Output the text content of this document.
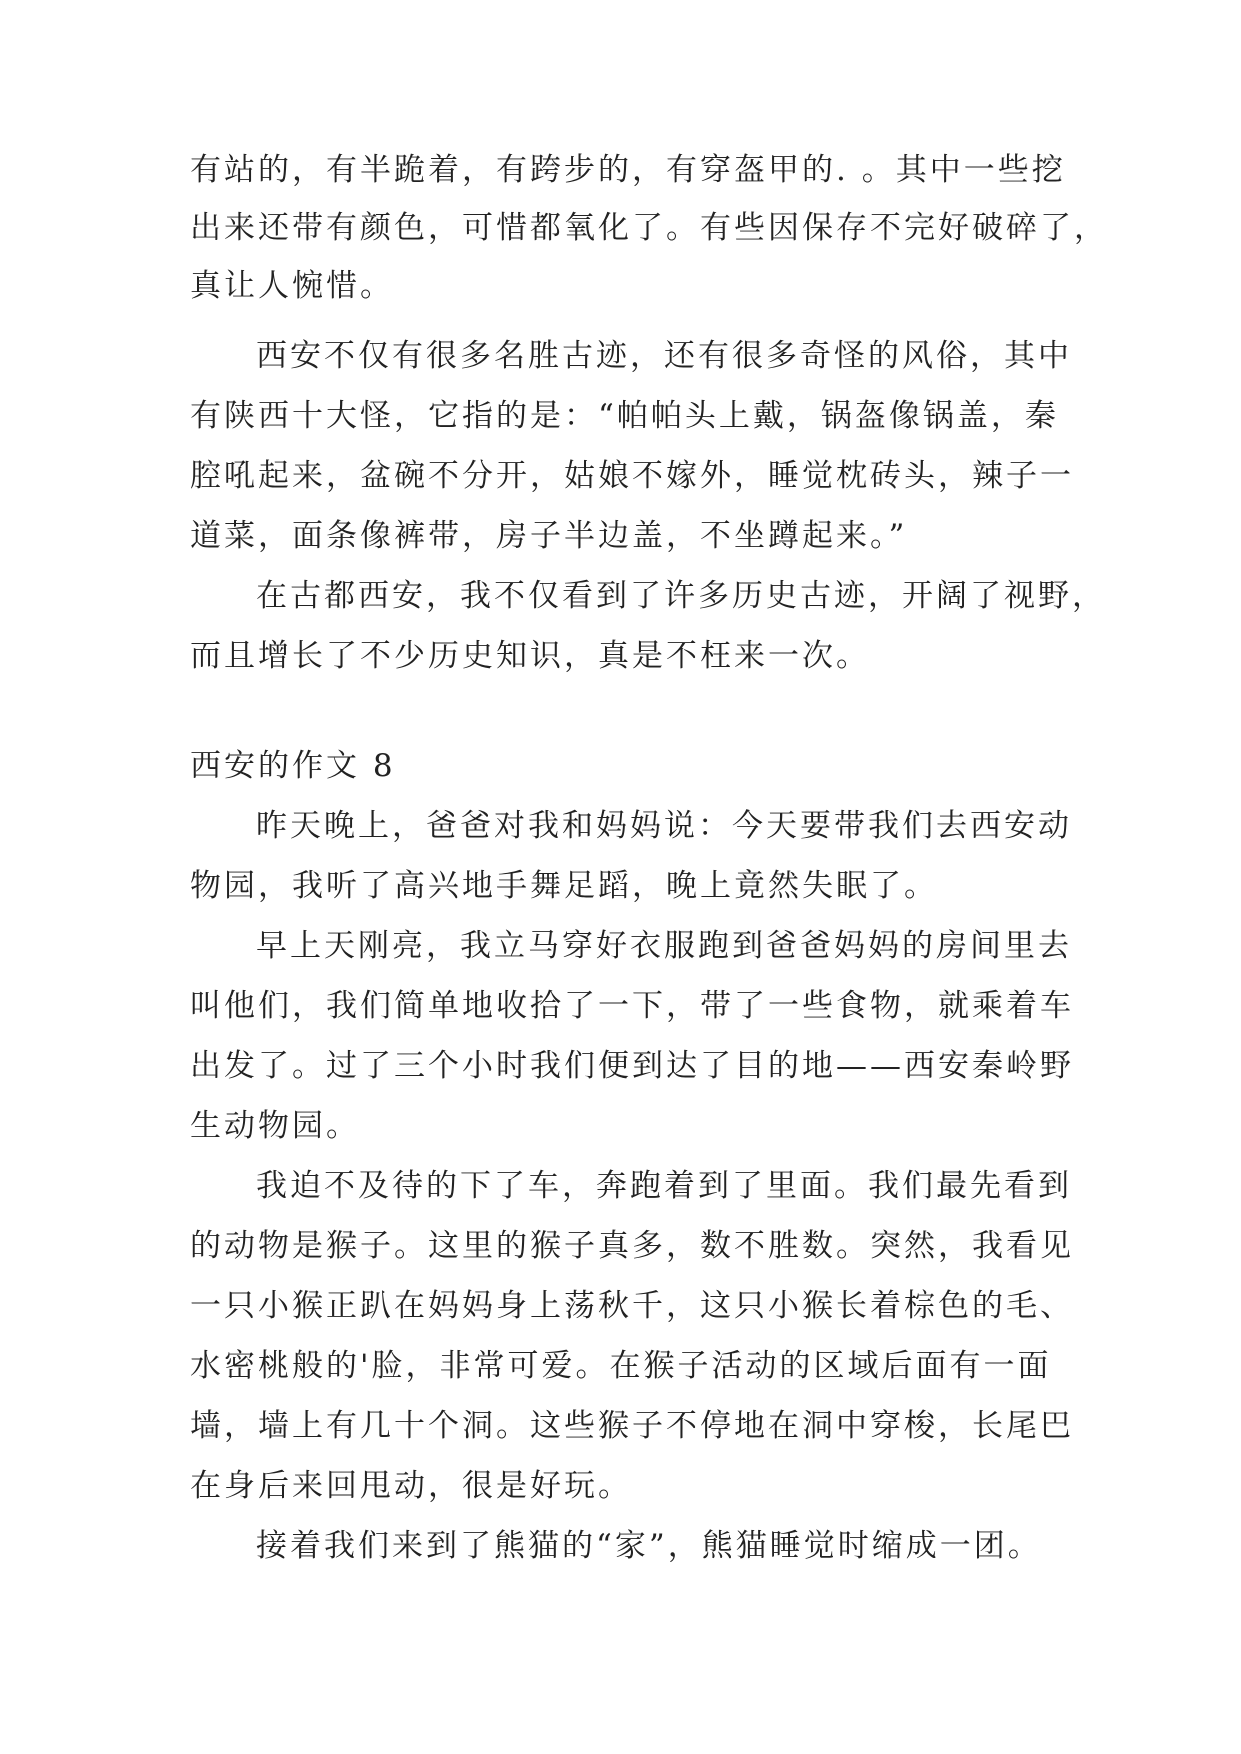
有站的，有半跪着，有跨步的，有穿盔甲的. 。其中一些挖
出来还带有颜色，可惜都氧化了。有些因保存不完好破碎了，
真让人惋惜。
西安不仅有很多名胜古迹，还有很多奇怪的风俗，其中
有陕西十大怪，它指的是：“帕帕头上戴，锅盔像锅盖，秦
腔吼起来，盆碗不分开，姑娘不嫁外，睡觉枕砖头，辣子一
道菜，面条像裤带，房子半边盖，不坐蹲起来。”
在古都西安，我不仅看到了许多历史古迹，开阔了视野，
而且增长了不少历史知识，真是不枉来一次。
西安的作文 8
昨天晚上，爸爸对我和妈妈说：今天要带我们去西安动
物园，我听了高兴地手舞足蹈，晚上竟然失眠了。
早上天刚亮，我立马穿好衣服跑到爸爸妈妈的房间里去
叫他们，我们简单地收拾了一下，带了一些食物，就乘着车
出发了。过了三个小时我们便到达了目的地——西安秦岭野
生动物园。
我迫不及待的下了车，奔跑着到了里面。我们最先看到
的动物是猴子。这里的猴子真多，数不胜数。突然，我看见
一只小猴正趴在妈妈身上荡秋千，这只小猴长着棕色的毛、
水密桃般的'脸，非常可爱。在猴子活动的区域后面有一面
墙，墙上有几十个洞。这些猴子不停地在洞中穿梭，长尾巴
在身后来回甩动，很是好玩。
接着我们来到了熊猫的“家”，熊猫睡觉时缩成一团。
